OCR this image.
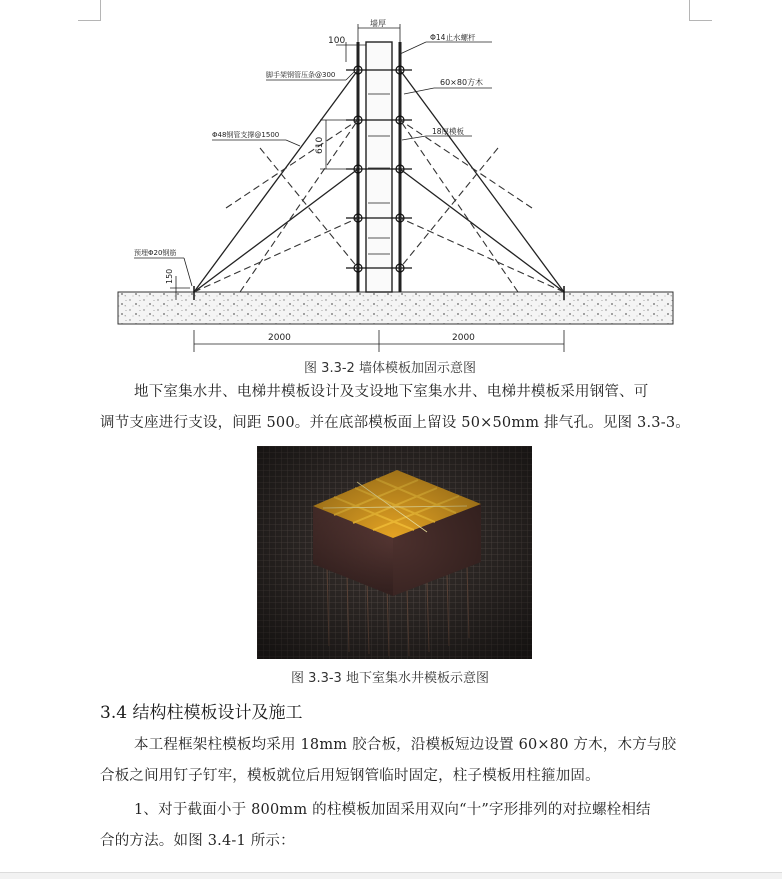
墙厚
100	Φ14止水螺杆
脚手架钢管压条@300
60×80方木
610
Φ48钢管支撑@1500	18厚模板
预埋Φ20钢筋
150
2000	2000
图 3.3-2 墙体模板加固示意图
地下室集水井、电梯井模板设计及支设地下室集水井、电梯井模板采用钢管、可
调节支座进行支设，间距 500。并在底部模板面上留设 50×50mm 排气孔。见图 3.3-3。
图 3.3-3 地下室集水井模板示意图
3.4 结构柱模板设计及施工
本工程框架柱模板均采用 18mm 胶合板，沿模板短边设置 60×80 方木，木方与胶
合板之间用钉子钉牢，模板就位后用短钢管临时固定，柱子模板用柱箍加固。
1、对于截面小于 800mm 的柱模板加固采用双向“十”字形排列的对拉螺栓相结
合的方法。如图 3.4-1 所示：
